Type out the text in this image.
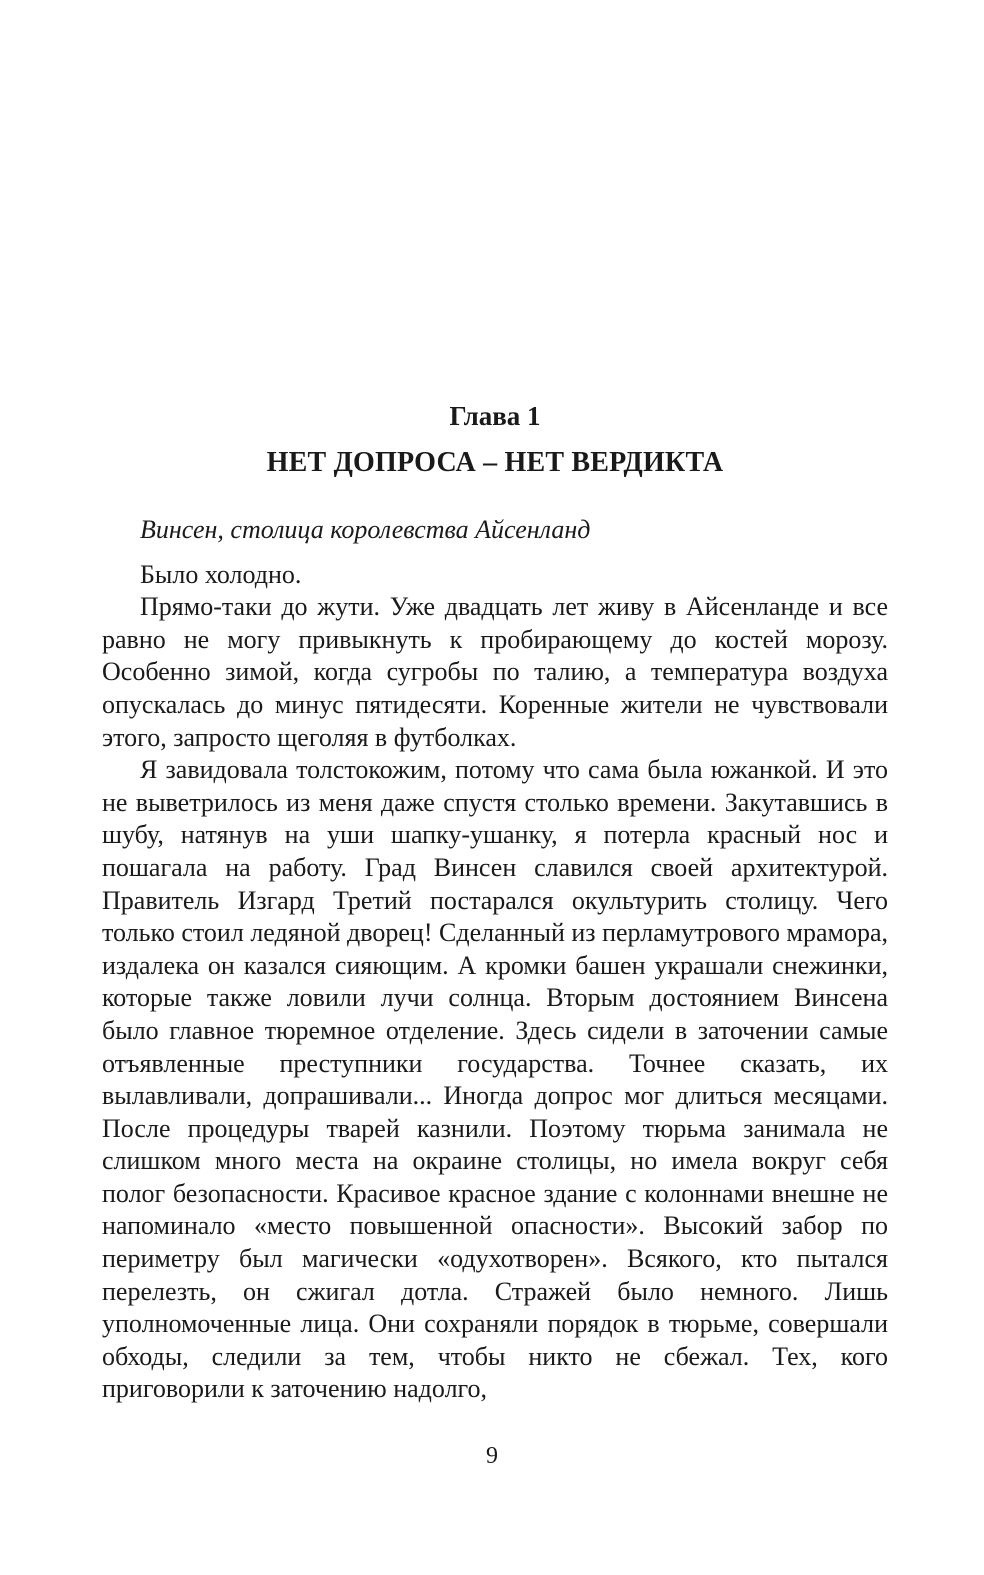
Глава 1

НЕТ ДОПРОСА – НЕТ ВЕРДИКТА

Винсен, столица королевства Айсенланд

Было холодно.

Прямо-таки до жути. Уже двадцать лет живу в Айсенланде и все равно не могу привыкнуть к пробирающему до костей морозу. Особенно зимой, когда сугробы по талию, а температура воздуха опускалась до минус пятидесяти. Коренные жители не чувствовали этого, запросто щеголяя в футболках.

Я завидовала толстокожим, потому что сама была южанкой. И это не выветрилось из меня даже спустя столько времени. Закутавшись в шубу, натянув на уши шапку-ушанку, я потерла красный нос и пошагала на работу. Град Винсен славился своей архитектурой. Правитель Изгард Третий постарался окультурить столицу. Чего только стоил ледяной дворец! Сделанный из перламутрового мрамора, издалека он казался сияющим. А кромки башен украшали снежинки, которые также ловили лучи солнца. Вторым достоянием Винсена было главное тюремное отделение. Здесь сидели в заточении самые отъявленные преступники государства. Точнее сказать, их вылавливали, допрашивали... Иногда допрос мог длиться месяцами. После процедуры тварей казнили. Поэтому тюрьма занимала не слишком много места на окраине столицы, но имела вокруг себя полог безопасности. Красивое красное здание с колоннами внешне не напоминало «место повышенной опасности». Высокий забор по периметру был магически «одухотворен». Всякого, кто пытался перелезть, он сжигал дотла. Стражей было немного. Лишь уполномоченные лица. Они сохраняли порядок в тюрьме, совершали обходы, следили за тем, чтобы никто не сбежал. Тех, кого приговорили к заточению надолго,

9
